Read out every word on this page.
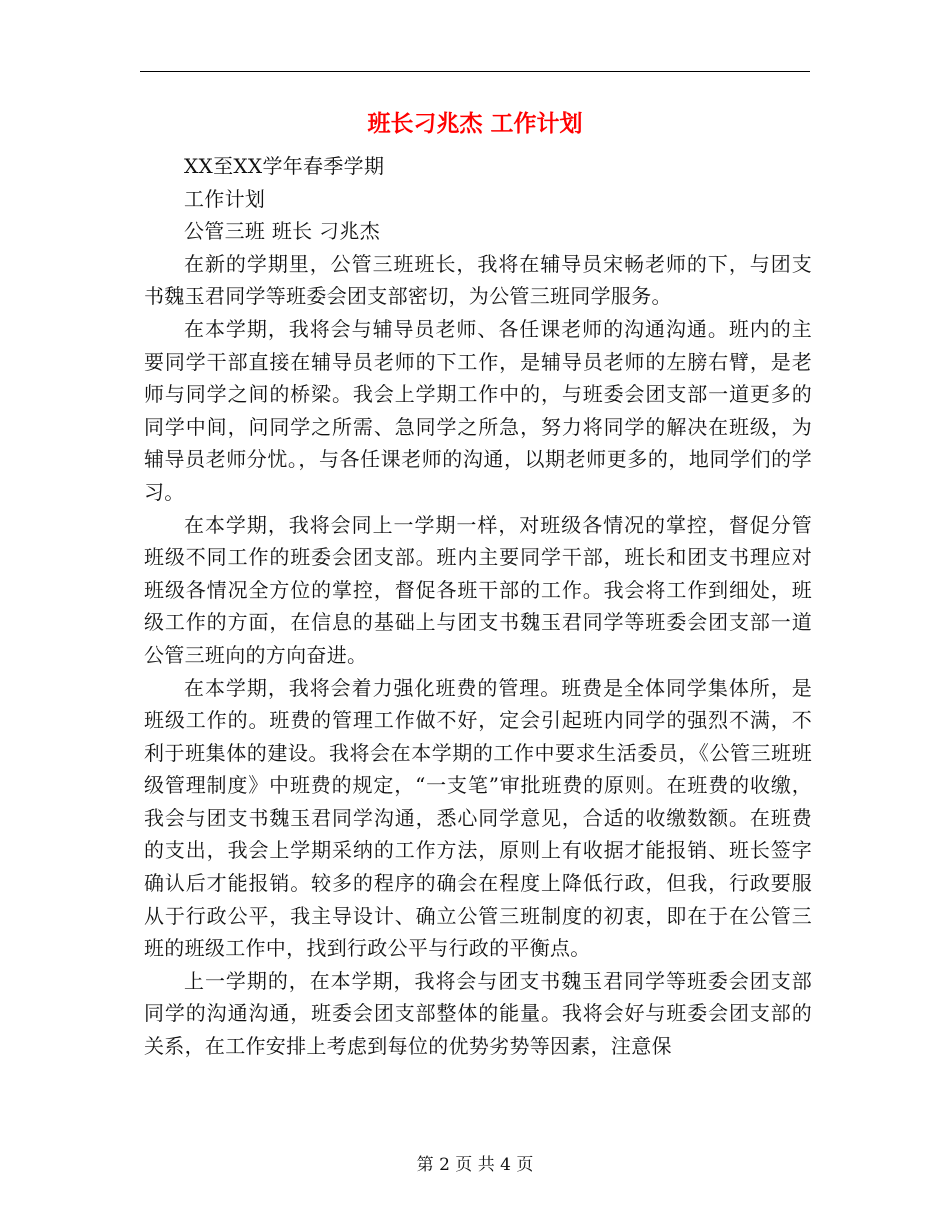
班长刁兆杰 工作计划

XX至XX学年春季学期

工作计划

公管三班 班长 刁兆杰

在新的学期里，公管三班班长，我将在辅导员宋畅老师的下，与团支书魏玉君同学等班委会团支部密切，为公管三班同学服务。

在本学期，我将会与辅导员老师、各任课老师的沟通沟通。班内的主要同学干部直接在辅导员老师的下工作，是辅导员老师的左膀右臂，是老师与同学之间的桥梁。我会上学期工作中的，与班委会团支部一道更多的同学中间，问同学之所需、急同学之所急，努力将同学的解决在班级，为辅导员老师分忧。，与各任课老师的沟通，以期老师更多的，地同学们的学习。

在本学期，我将会同上一学期一样，对班级各情况的掌控，督促分管班级不同工作的班委会团支部。班内主要同学干部，班长和团支书理应对班级各情况全方位的掌控，督促各班干部的工作。我会将工作到细处，班级工作的方面，在信息的基础上与团支书魏玉君同学等班委会团支部一道公管三班向的方向奋进。

在本学期，我将会着力强化班费的管理。班费是全体同学集体所，是班级工作的。班费的管理工作做不好，定会引起班内同学的强烈不满，不利于班集体的建设。我将会在本学期的工作中要求生活委员，《公管三班班级管理制度》中班费的规定，“一支笔”审批班费的原则。在班费的收缴，我会与团支书魏玉君同学沟通，悉心同学意见，合适的收缴数额。在班费的支出，我会上学期采纳的工作方法，原则上有收据才能报销、班长签字确认后才能报销。较多的程序的确会在程度上降低行政，但我，行政要服从于行政公平，我主导设计、确立公管三班制度的初衷，即在于在公管三班的班级工作中，找到行政公平与行政的平衡点。

上一学期的，在本学期，我将会与团支书魏玉君同学等班委会团支部同学的沟通沟通，班委会团支部整体的能量。我将会好与班委会团支部的关系，在工作安排上考虑到每位的优势劣势等因素，注意保

第 2 页 共 4 页
